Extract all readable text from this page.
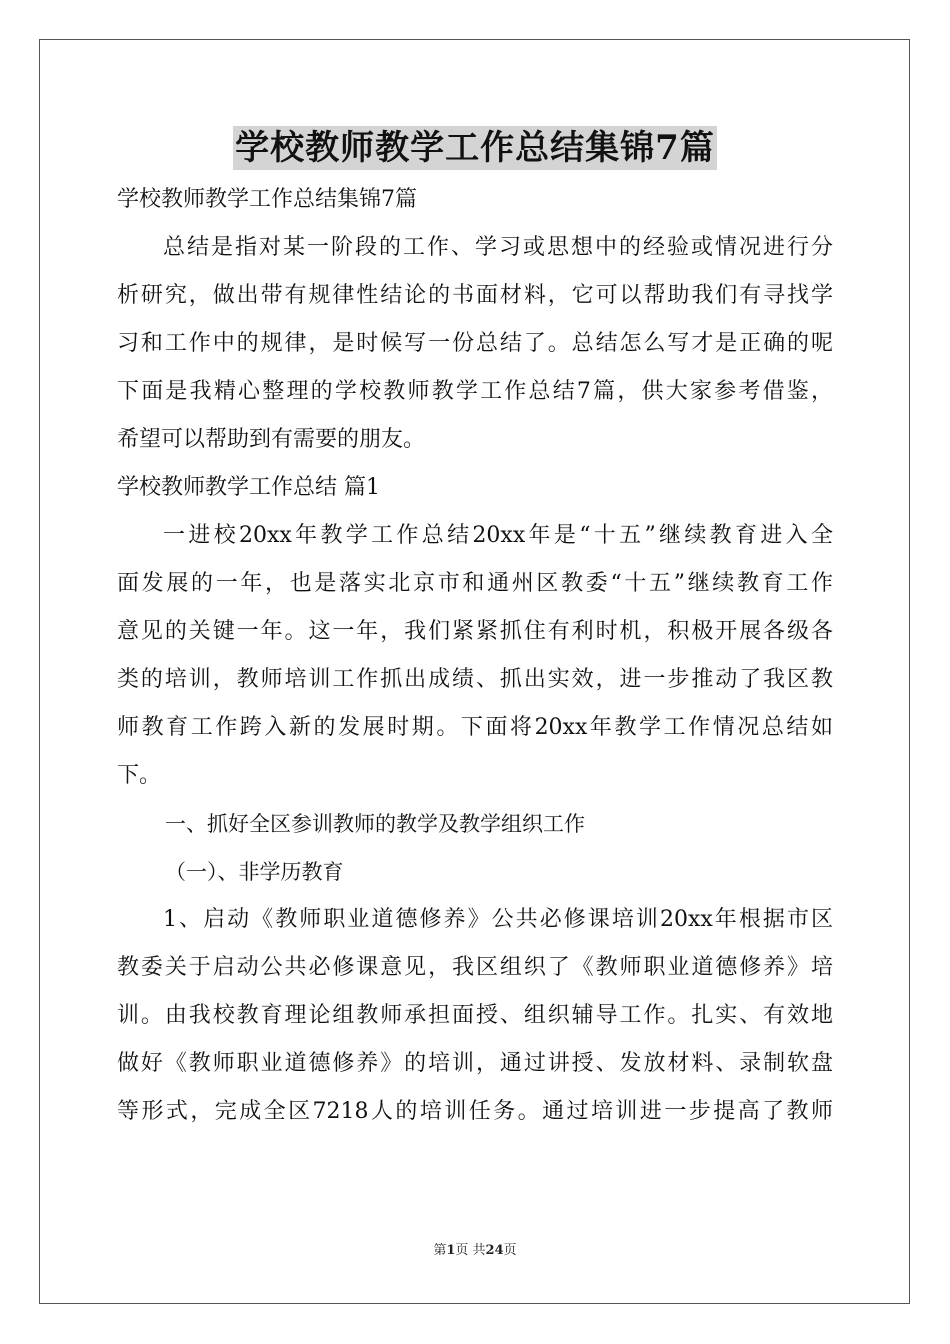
学校教师教学工作总结集锦7篇
学校教师教学工作总结集锦7篇
总结是指对某一阶段的工作、学习或思想中的经验或情况进行分
析研究，做出带有规律性结论的书面材料，它可以帮助我们有寻找学
习和工作中的规律，是时候写一份总结了。总结怎么写才是正确的呢
下面是我精心整理的学校教师教学工作总结7篇，供大家参考借鉴，
希望可以帮助到有需要的朋友。
学校教师教学工作总结 篇1
一进校20xx年教学工作总结20xx年是“十五”继续教育进入全
面发展的一年，也是落实北京市和通州区教委“十五”继续教育工作
意见的关键一年。这一年，我们紧紧抓住有利时机，积极开展各级各
类的培训，教师培训工作抓出成绩、抓出实效，进一步推动了我区教
师教育工作跨入新的发展时期。下面将20xx年教学工作情况总结如
下。
一、抓好全区参训教师的教学及教学组织工作
（一）、非学历教育
1、启动《教师职业道德修养》公共必修课培训20xx年根据市区
教委关于启动公共必修课意见，我区组织了《教师职业道德修养》培
训。由我校教育理论组教师承担面授、组织辅导工作。扎实、有效地
做好《教师职业道德修养》的培训，通过讲授、发放材料、录制软盘
等形式，完成全区7218人的培训任务。通过培训进一步提高了教师
第1页 共24页
